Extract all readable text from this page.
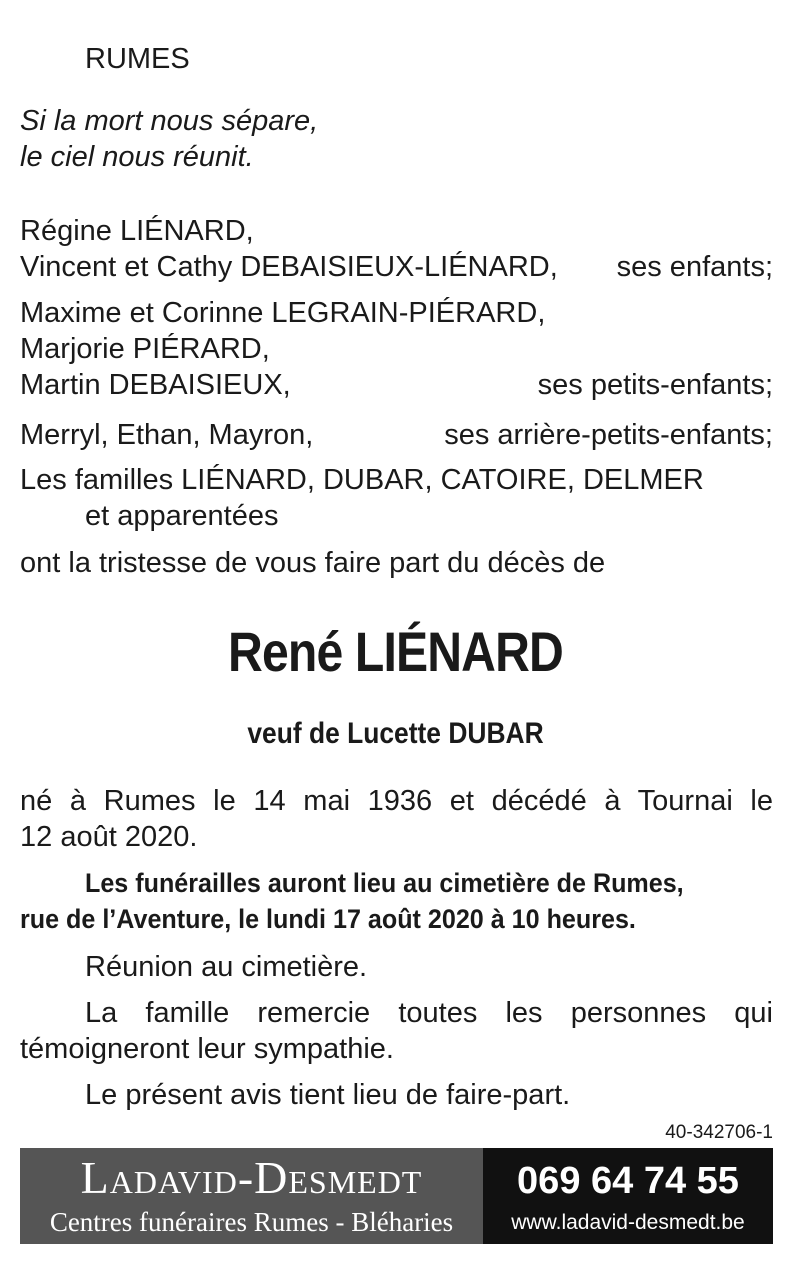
RUMES
Si la mort nous sépare,
le ciel nous réunit.
Régine LIÉNARD,
Vincent et Cathy DEBAISIEUX-LIÉNARD, ses enfants;
Maxime et Corinne LEGRAIN-PIÉRARD,
Marjorie PIÉRARD,
Martin DEBAISIEUX,	ses petits-enfants;
Merryl, Ethan, Mayron,	ses arrière-petits-enfants;
Les familles LIÉNARD, DUBAR, CATOIRE, DELMER
et apparentées
ont la tristesse de vous faire part du décès de
René LIÉNARD
veuf de Lucette DUBAR
né à Rumes le 14 mai 1936 et décédé à Tournai le
12 août 2020.
Les funérailles auront lieu au cimetière de Rumes,
rue de l’Aventure, le lundi 17 août 2020 à 10 heures.
Réunion au cimetière.
La famille remercie toutes les personnes qui
témoigneront leur sympathie.
Le présent avis tient lieu de faire-part.
40-342706-1
Ladavid-Desmedt
Centres funéraires Rumes - Bléharies
069 64 74 55
www.ladavid-desmedt.be
